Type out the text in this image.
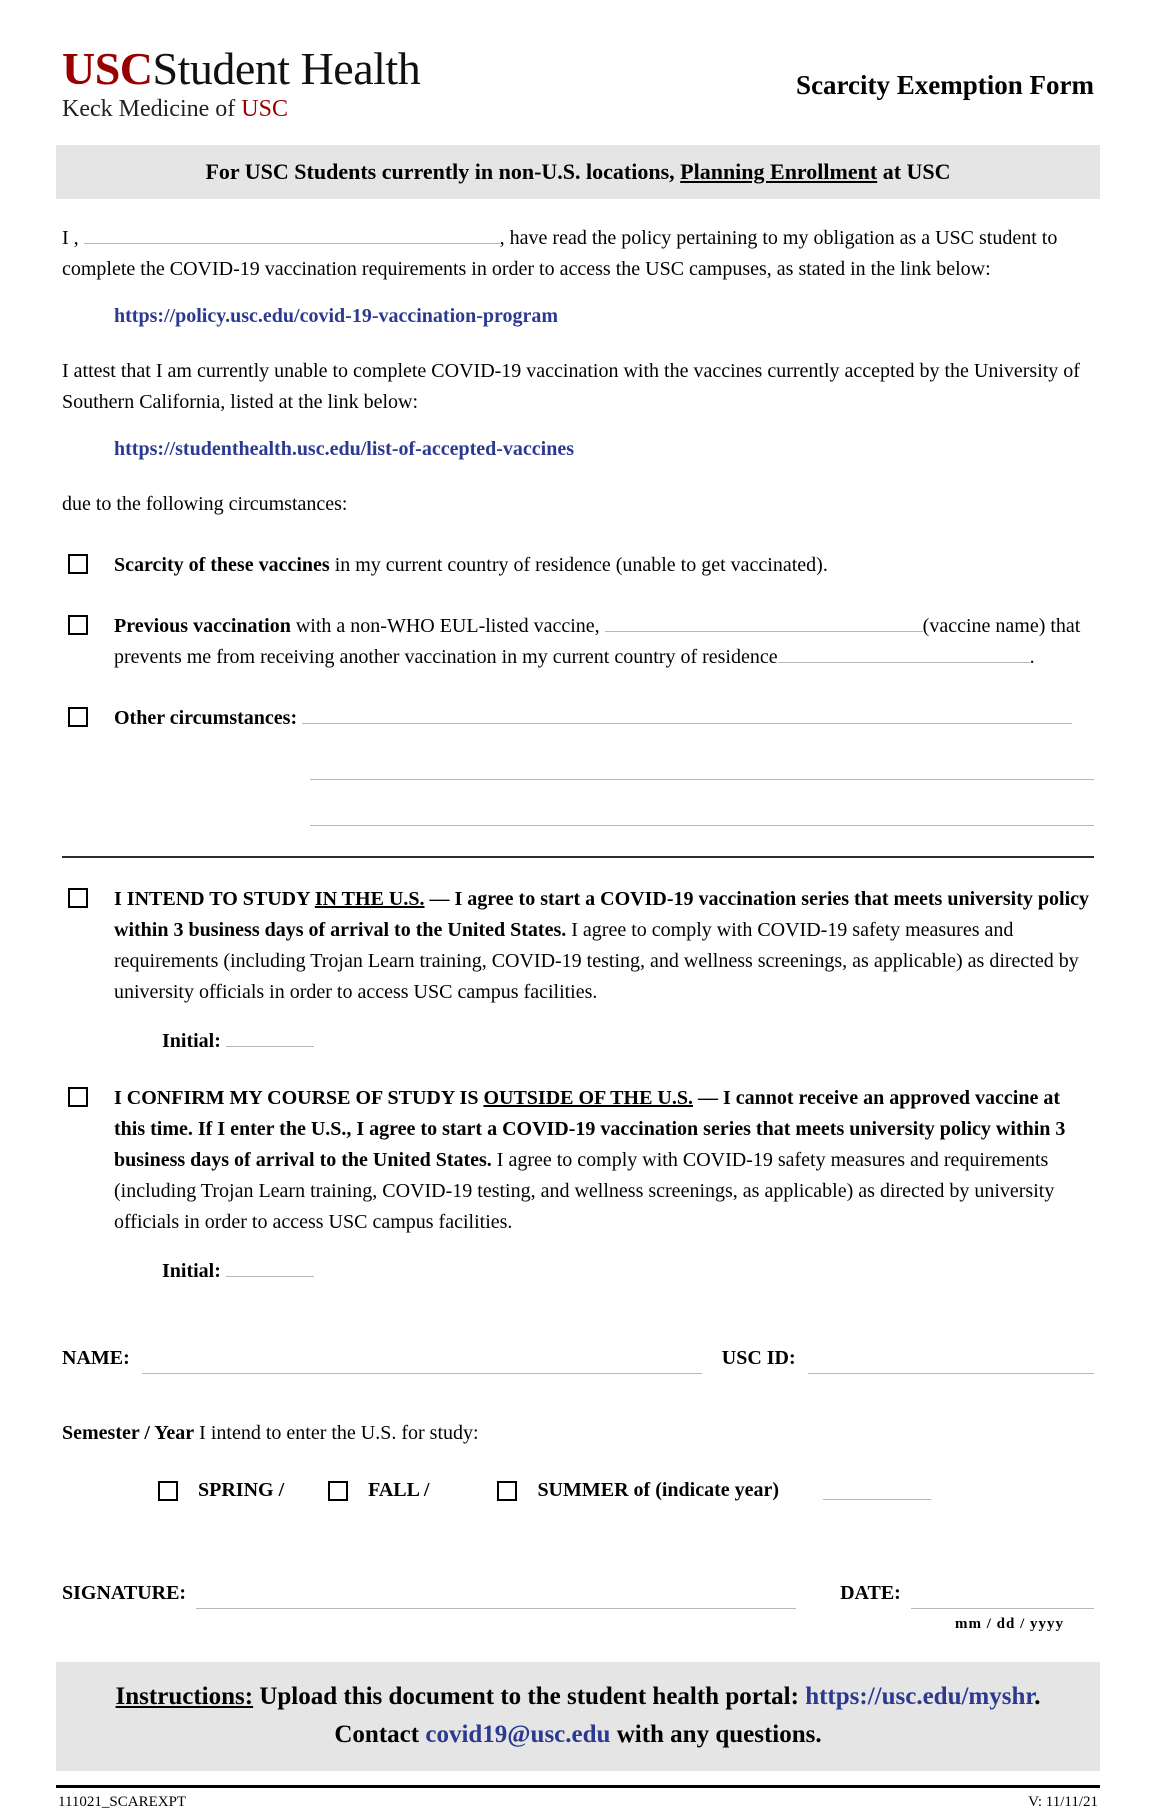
USCStudent Health
Keck Medicine of USC
Scarcity Exemption Form
For USC Students currently in non-U.S. locations, Planning Enrollment at USC
I ,	, have read the policy pertaining to my obligation as a USC student to complete the COVID-19 vaccination requirements in order to access the USC campuses, as stated in the link below:
https://policy.usc.edu/covid-19-vaccination-program
I attest that I am currently unable to complete COVID-19 vaccination with the vaccines currently accepted by the University of Southern California, listed at the link below:
https://studenthealth.usc.edu/list-of-accepted-vaccines
due to the following circumstances:
Scarcity of these vaccines in my current country of residence (unable to get vaccinated).
Previous vaccination with a non-WHO EUL-listed vaccine,	(vaccine name) that prevents me from receiving another vaccination in my current country of residence	.
Other circumstances:
I INTEND TO STUDY IN THE U.S. — I agree to start a COVID-19 vaccination series that meets university policy within 3 business days of arrival to the United States. I agree to comply with COVID-19 safety measures and requirements (including Trojan Learn training, COVID-19 testing, and wellness screenings, as applicable) as directed by university officials in order to access USC campus facilities.
Initial:
I CONFIRM MY COURSE OF STUDY IS OUTSIDE OF THE U.S. — I cannot receive an approved vaccine at this time. If I enter the U.S., I agree to start a COVID-19 vaccination series that meets university policy within 3 business days of arrival to the United States. I agree to comply with COVID-19 safety measures and requirements (including Trojan Learn training, COVID-19 testing, and wellness screenings, as applicable) as directed by university officials in order to access USC campus facilities.
Initial:
NAME:	USC ID:
Semester / Year I intend to enter the U.S. for study:
SPRING /	FALL /	SUMMER of (indicate year)
SIGNATURE:	DATE:
mm / dd / yyyy
Instructions: Upload this document to the student health portal: https://usc.edu/myshr.
Contact covid19@usc.edu with any questions.
111021_SCAREXPT	V: 11/11/21
